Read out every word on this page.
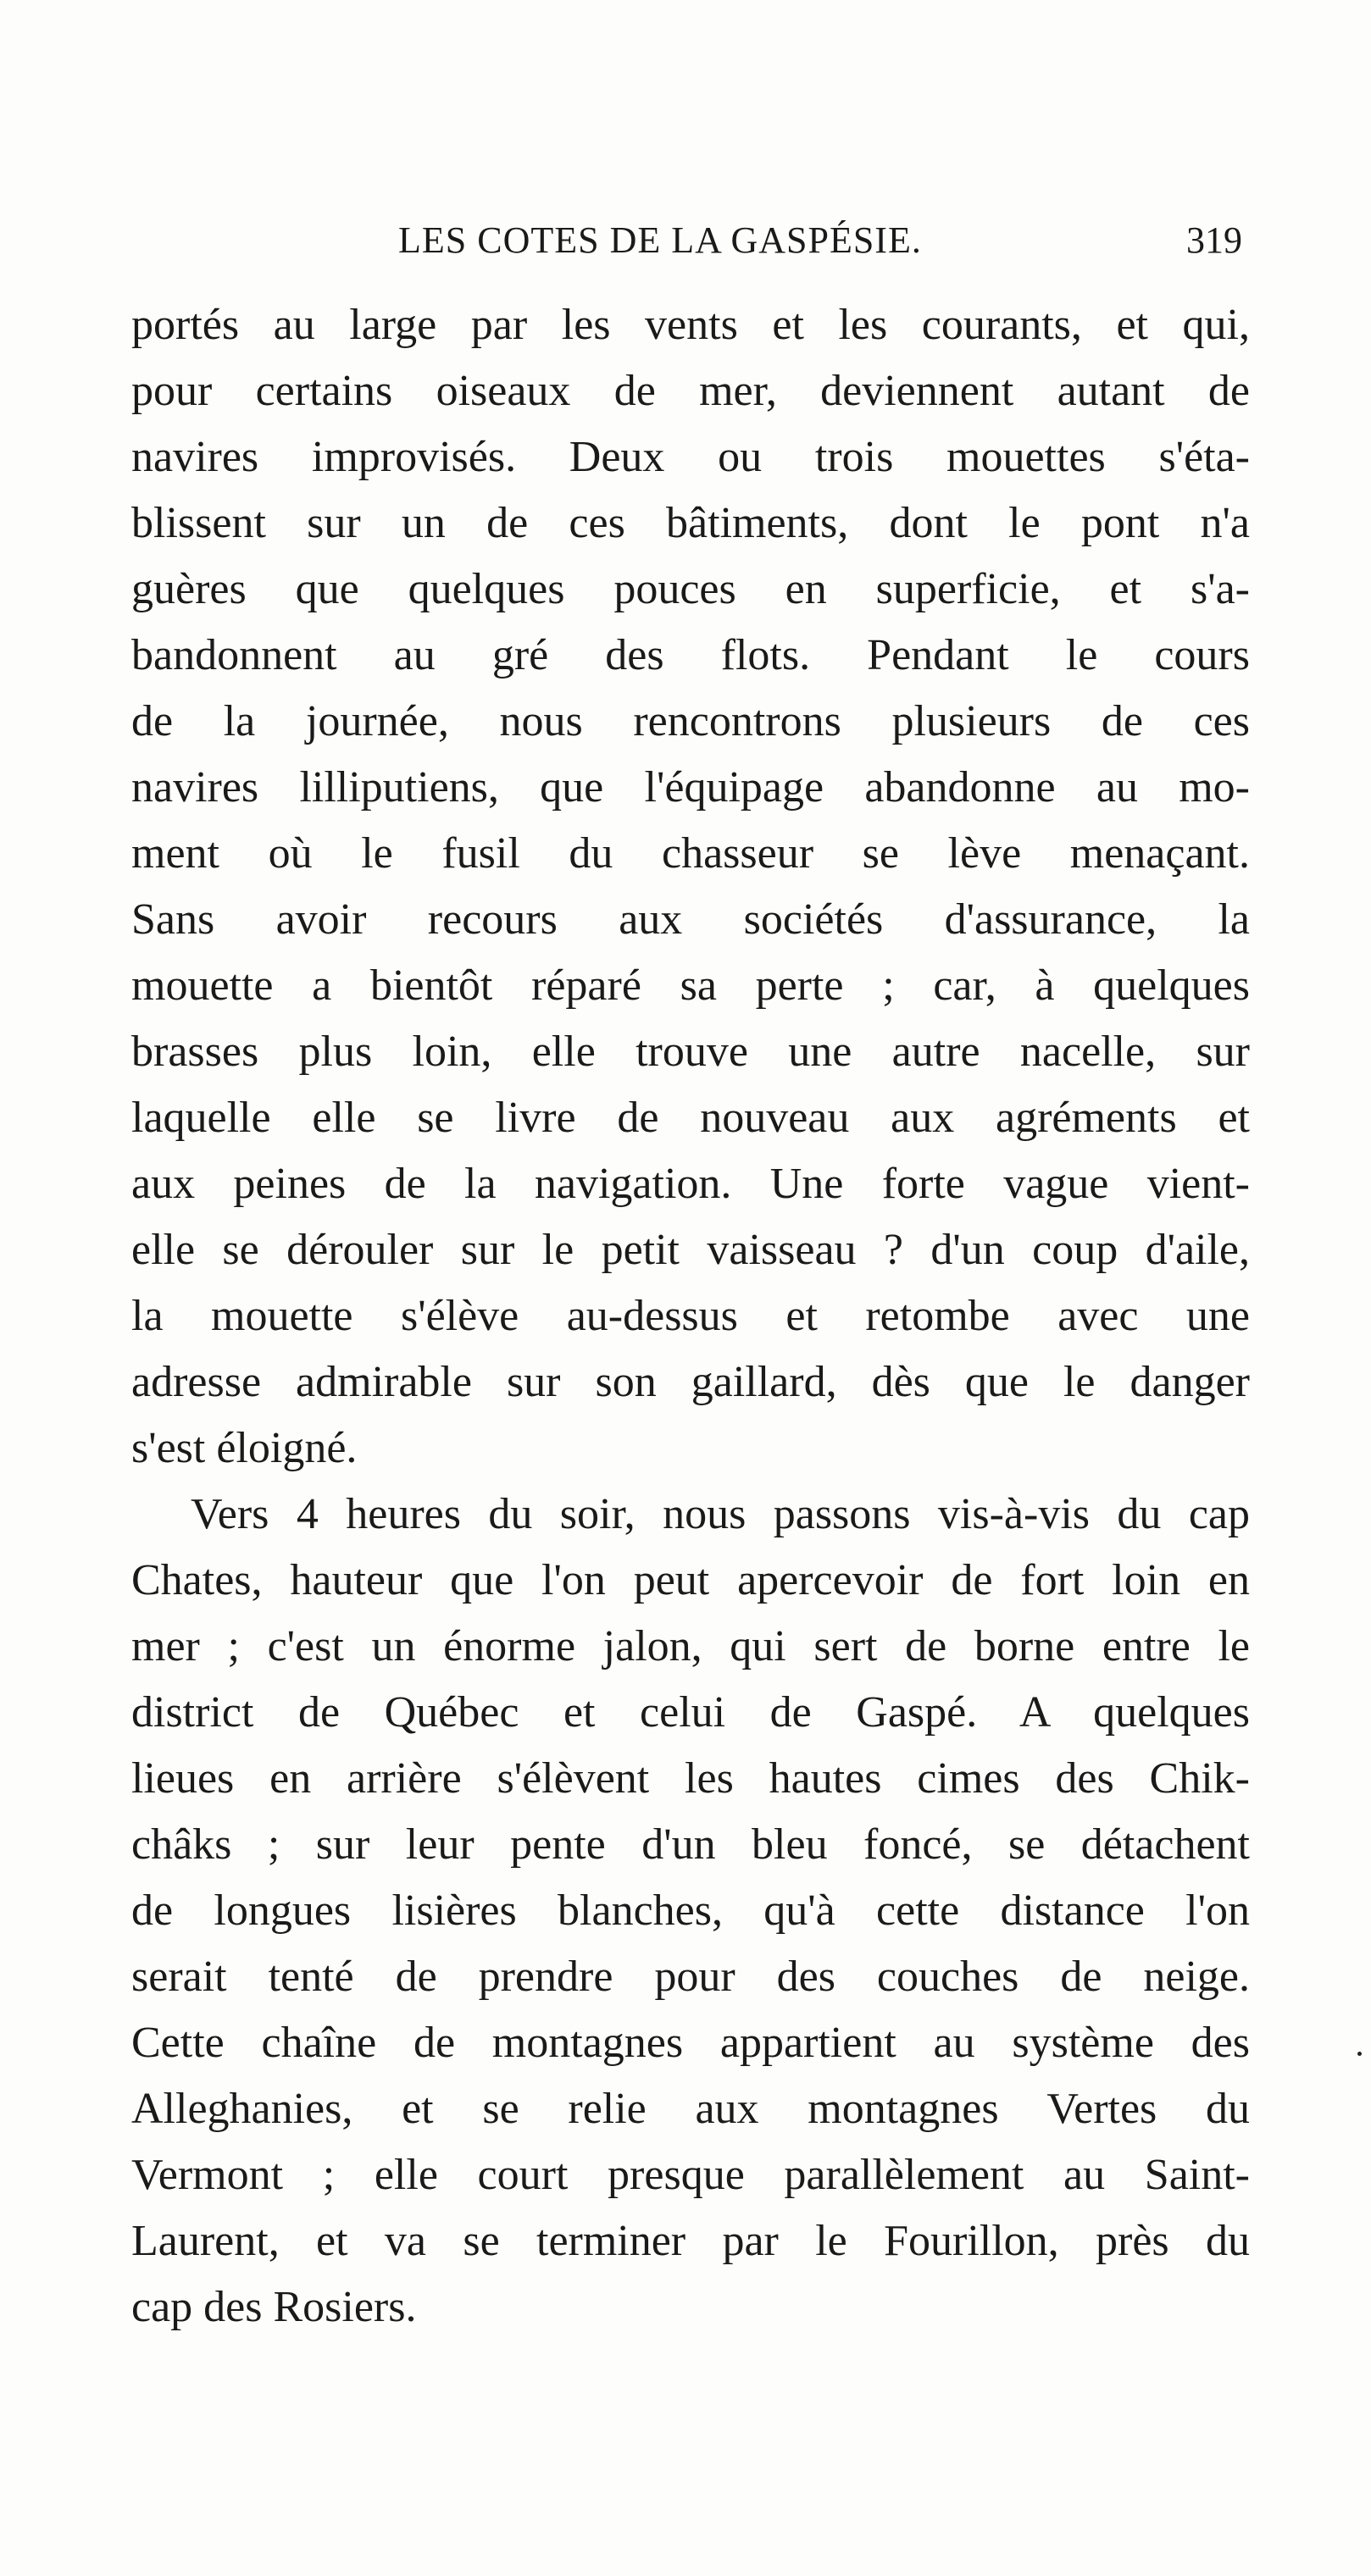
LES COTES DE LA GASPÉSIE.	319
portés au large par les vents et les courants, et qui,
pour certains oiseaux de mer, deviennent autant de
navires improvisés. Deux ou trois mouettes s'éta-
blissent sur un de ces bâtiments, dont le pont n'a
guères que quelques pouces en superficie, et s'a-
bandonnent au gré des flots. Pendant le cours
de la journée, nous rencontrons plusieurs de ces
navires lilliputiens, que l'équipage abandonne au mo-
ment où le fusil du chasseur se lève menaçant.
Sans avoir recours aux sociétés d'assurance, la
mouette a bientôt réparé sa perte ; car, à quelques
brasses plus loin, elle trouve une autre nacelle, sur
laquelle elle se livre de nouveau aux agréments et
aux peines de la navigation. Une forte vague vient-
elle se dérouler sur le petit vaisseau ? d'un coup d'aile,
la mouette s'élève au-dessus et retombe avec une
adresse admirable sur son gaillard, dès que le danger
s'est éloigné.
Vers 4 heures du soir, nous passons vis-à-vis du cap
Chates, hauteur que l'on peut apercevoir de fort loin en
mer ; c'est un énorme jalon, qui sert de borne entre le
district de Québec et celui de Gaspé. A quelques
lieues en arrière s'élèvent les hautes cimes des Chik-
châks ; sur leur pente d'un bleu foncé, se détachent
de longues lisières blanches, qu'à cette distance l'on
serait tenté de prendre pour des couches de neige.
Cette chaîne de montagnes appartient au système des
Alleghanies, et se relie aux montagnes Vertes du
Vermont ; elle court presque parallèlement au Saint-
Laurent, et va se terminer par le Fourillon, près du
cap des Rosiers.
